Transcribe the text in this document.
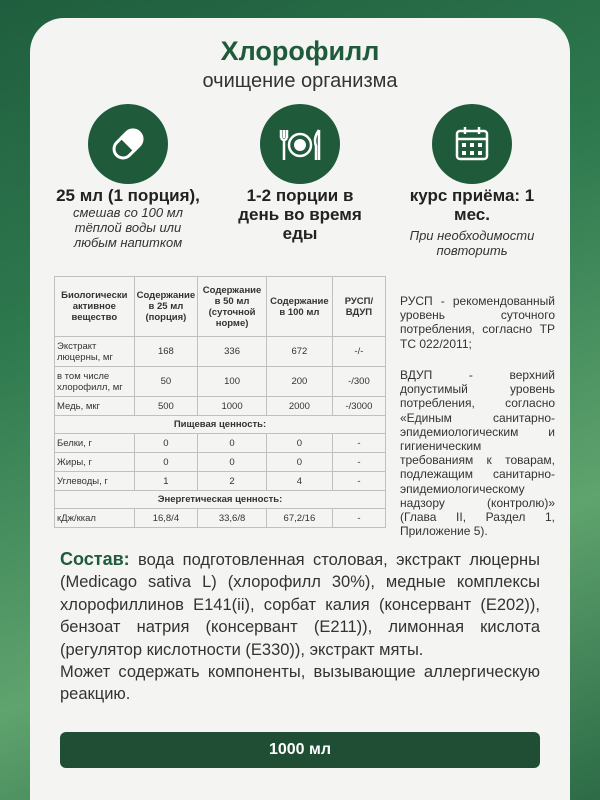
Хлорофилл
очищение организма
25 мл (1 порция),
смешав со 100 мл тёплой воды или любым напитком
1-2 порции в день во время еды
курс приёма: 1 мес.
При необходимости повторить
Биологически активное вещество	Содержание в 25 мл (порция)	Содержание в 50 мл (суточной норме)	Содержание в 100 мл	РУСП/ ВДУП
Экстракт люцерны, мг	168	336	672	-/-
в том числе хлорофилл, мг	50	100	200	-/300
Медь, мкг	500	1000	2000	-/3000
Пищевая ценность:				
Белки, г	0	0	0	-
Жиры, г	0	0	0	-
Углеводы, г	1	2	4	-
Энергетическая ценность:				
кДж/ккал	16,8/4	33,6/8	67,2/16	-
РУСП - рекомендованный уровень суточного потребления, согласно ТР ТС 022/2011;
ВДУП - верхний допустимый уровень потребления, согласно «Единым санитарно-эпидемиологическим и гигиеническим требованиям к товарам, подлежащим санитарно-эпидемиологическому надзору (контролю)» (Глава II, Раздел 1, Приложение 5).

Состав: вода подготовленная столовая, экстракт люцерны (Medicago sativa L) (хлорофилл 30%), медные комплексы хлорофиллинов Е141(ii), сорбат калия (консервант (Е202)), бензоат натрия (консервант (Е211)), лимонная кислота (регулятор кислотности (Е330)), экстракт мяты.

Может содержать компоненты, вызывающие аллергическую реакцию.

1000 мл
